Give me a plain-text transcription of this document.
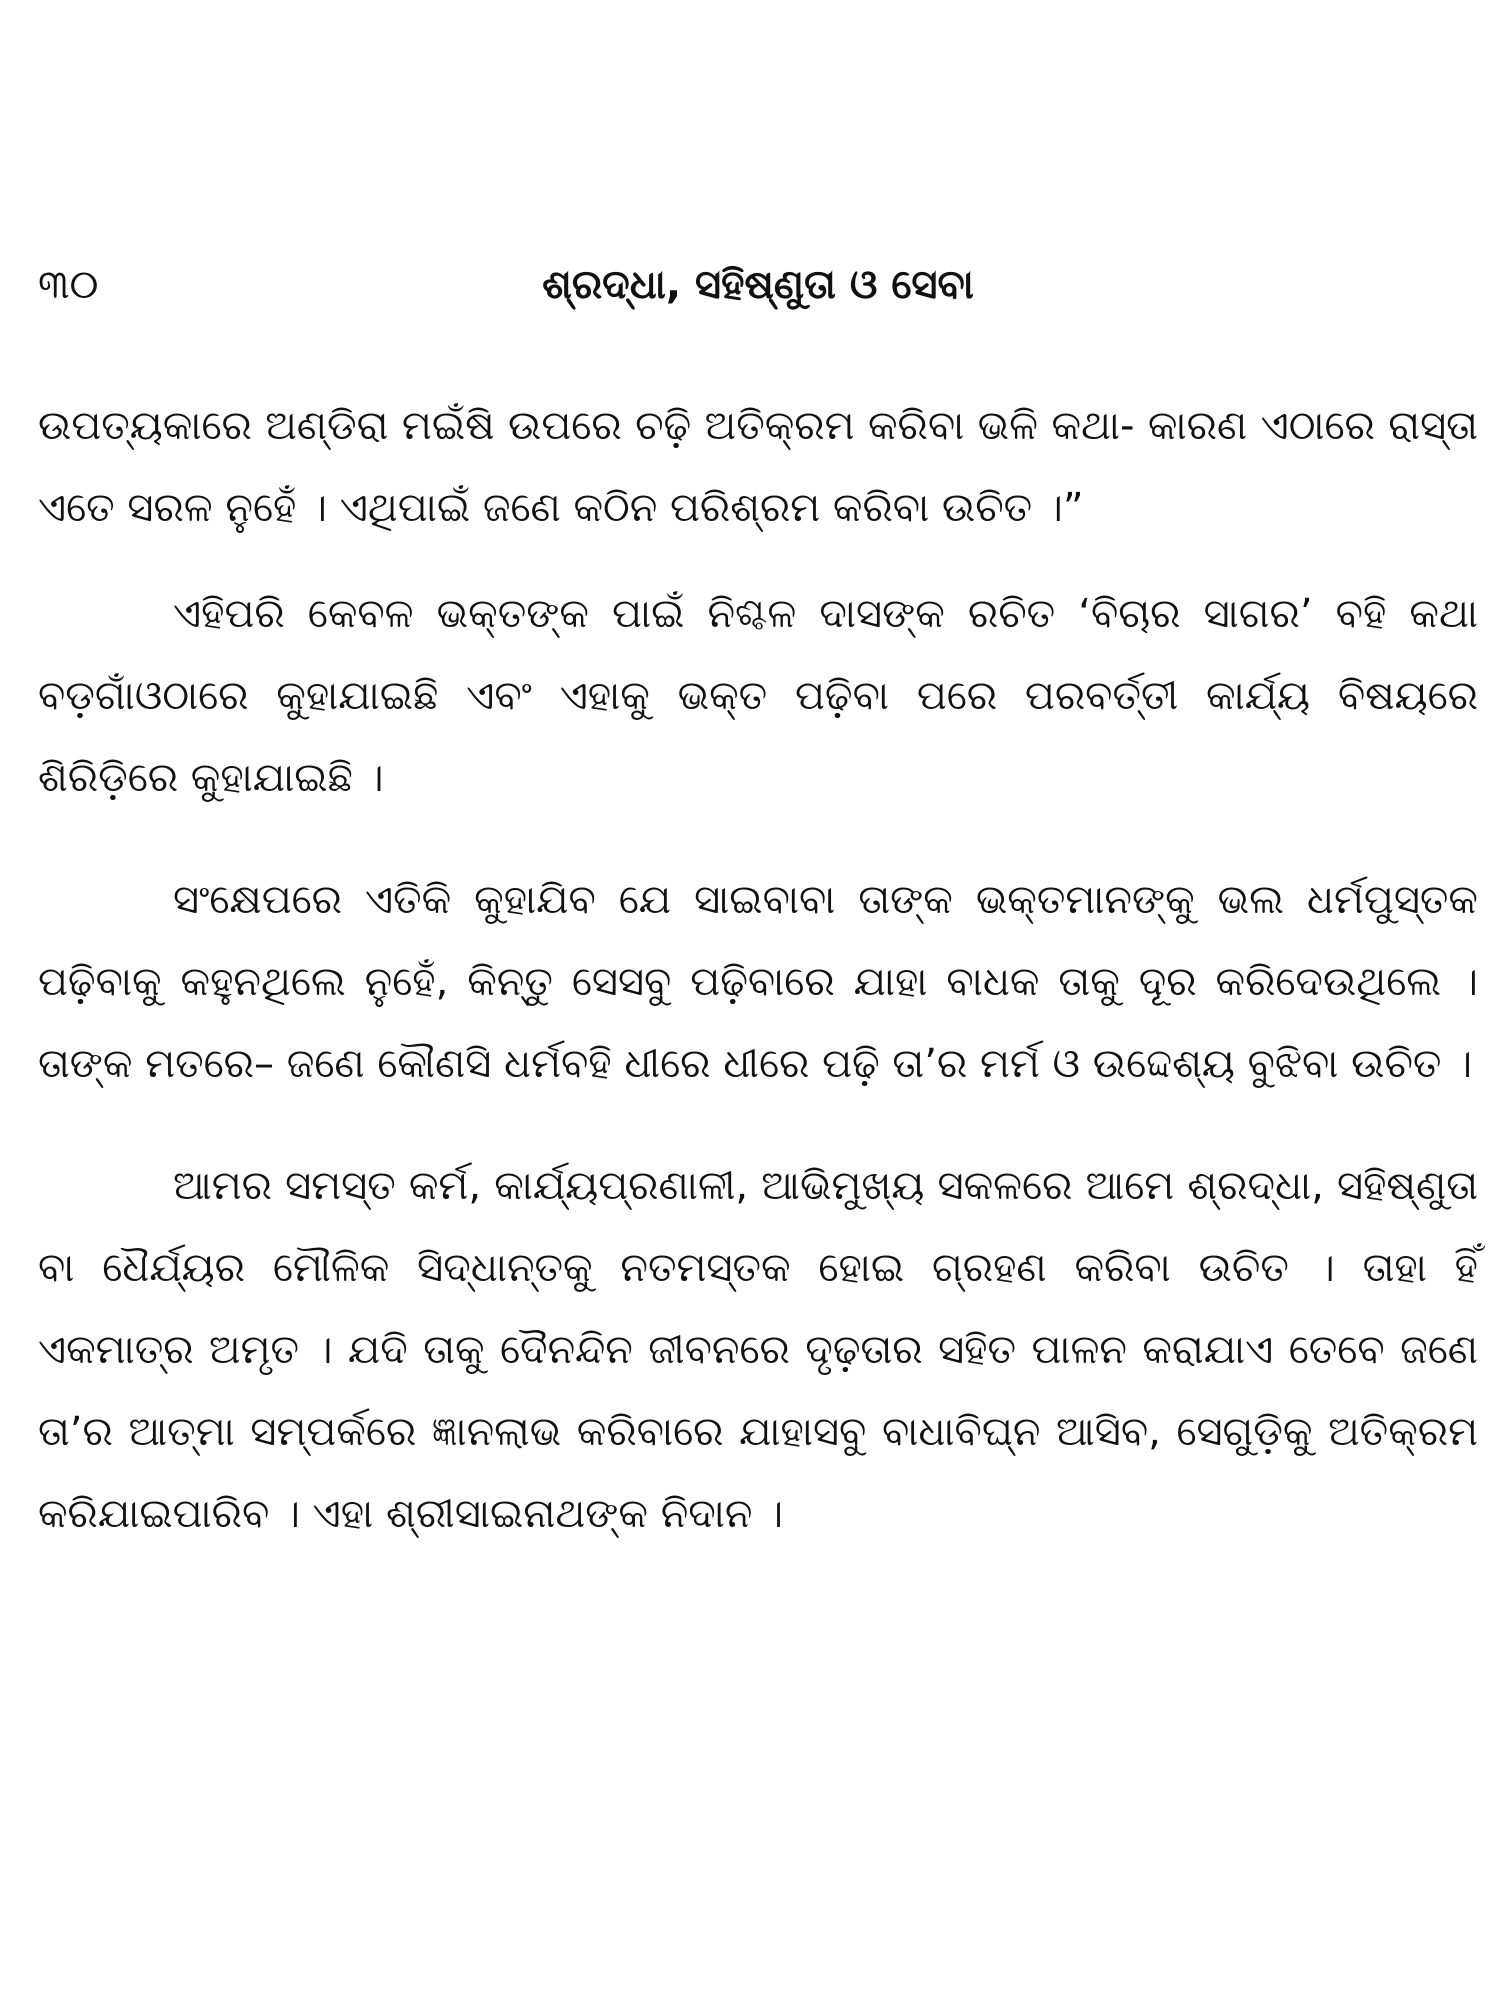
୩୦	ଶ୍ରଦ୍ଧା, ସହିଷ୍ଣୁତା ଓ ସେବା

ଉପତ୍ୟକାରେ ଅଣ୍ଡିରା ମଇଁଷି ଉପରେ ଚଢ଼ି ଅତିକ୍ରମ କରିବା ଭଳି କଥା- କାରଣ ଏଠାରେ ରାସ୍ତା ଏତେ ସରଳ ନୁହେଁ । ଏଥିପାଇଁ ଜଣେ କଠିନ ପରିଶ୍ରମ କରିବା ଉଚିତ ।”

ଏହିପରି କେବଳ ଭକ୍ତଙ୍କ ପାଇଁ ନିଶ୍ଚଳ ଦାସଙ୍କ ରଚିତ ‘ବିଚାର ସାଗର’ ବହି କଥା ବଡ଼ଗାଁଓଠାରେ କୁହାଯାଇଛି ଏବଂ ଏହାକୁ ଭକ୍ତ ପଢ଼ିବା ପରେ ପରବର୍ତ୍ତୀ କାର୍ଯ୍ୟ ବିଷୟରେ ଶିରିଡ଼ିରେ କୁହାଯାଇଛି ।

ସଂକ୍ଷେପରେ ଏତିକି କୁହାଯିବ ଯେ ସାଇବାବା ତାଙ୍କ ଭକ୍ତମାନଙ୍କୁ ଭଲ ଧର୍ମପୁସ୍ତକ ପଢ଼ିବାକୁ କହୁନଥିଲେ ନୁହେଁ, କିନ୍ତୁ ସେସବୁ ପଢ଼ିବାରେ ଯାହା ବାଧକ ତାକୁ ଦୂର କରିଦେଉଥିଲେ । ତାଙ୍କ ମତରେ– ଜଣେ କୌଣସି ଧର୍ମବହି ଧୀରେ ଧୀରେ ପଢ଼ି ତା’ର ମର୍ମ ଓ ଉଦ୍ଦେଶ୍ୟ ବୁଝିବା ଉଚିତ ।

ଆମର ସମସ୍ତ କର୍ମ, କାର୍ଯ୍ୟପ୍ରଣାଳୀ, ଆଭିମୁଖ୍ୟ ସକଳରେ ଆମେ ଶ୍ରଦ୍ଧା, ସହିଷ୍ଣୁତା ବା ଧୈର୍ଯ୍ୟର ମୌଳିକ ସିଦ୍ଧାନ୍ତକୁ ନତମସ୍ତକ ହୋଇ ଗ୍ରହଣ କରିବା ଉଚିତ । ତାହା ହିଁ ଏକମାତ୍ର ଅମୃତ । ଯଦି ତାକୁ ଦୈନନ୍ଦିନ ଜୀବନରେ ଦୃଢ଼ତାର ସହିତ ପାଳନ କରାଯାଏ ତେବେ ଜଣେ ତା’ର ଆତ୍ମା ସମ୍ପର୍କରେ ଜ୍ଞାନଲାଭ କରିବାରେ ଯାହାସବୁ ବାଧାବିଘ୍ନ ଆସିବ, ସେଗୁଡ଼ିକୁ ଅତିକ୍ରମ କରିଯାଇପାରିବ । ଏହା ଶ୍ରୀସାଇନାଥଙ୍କ ନିଦାନ ।
